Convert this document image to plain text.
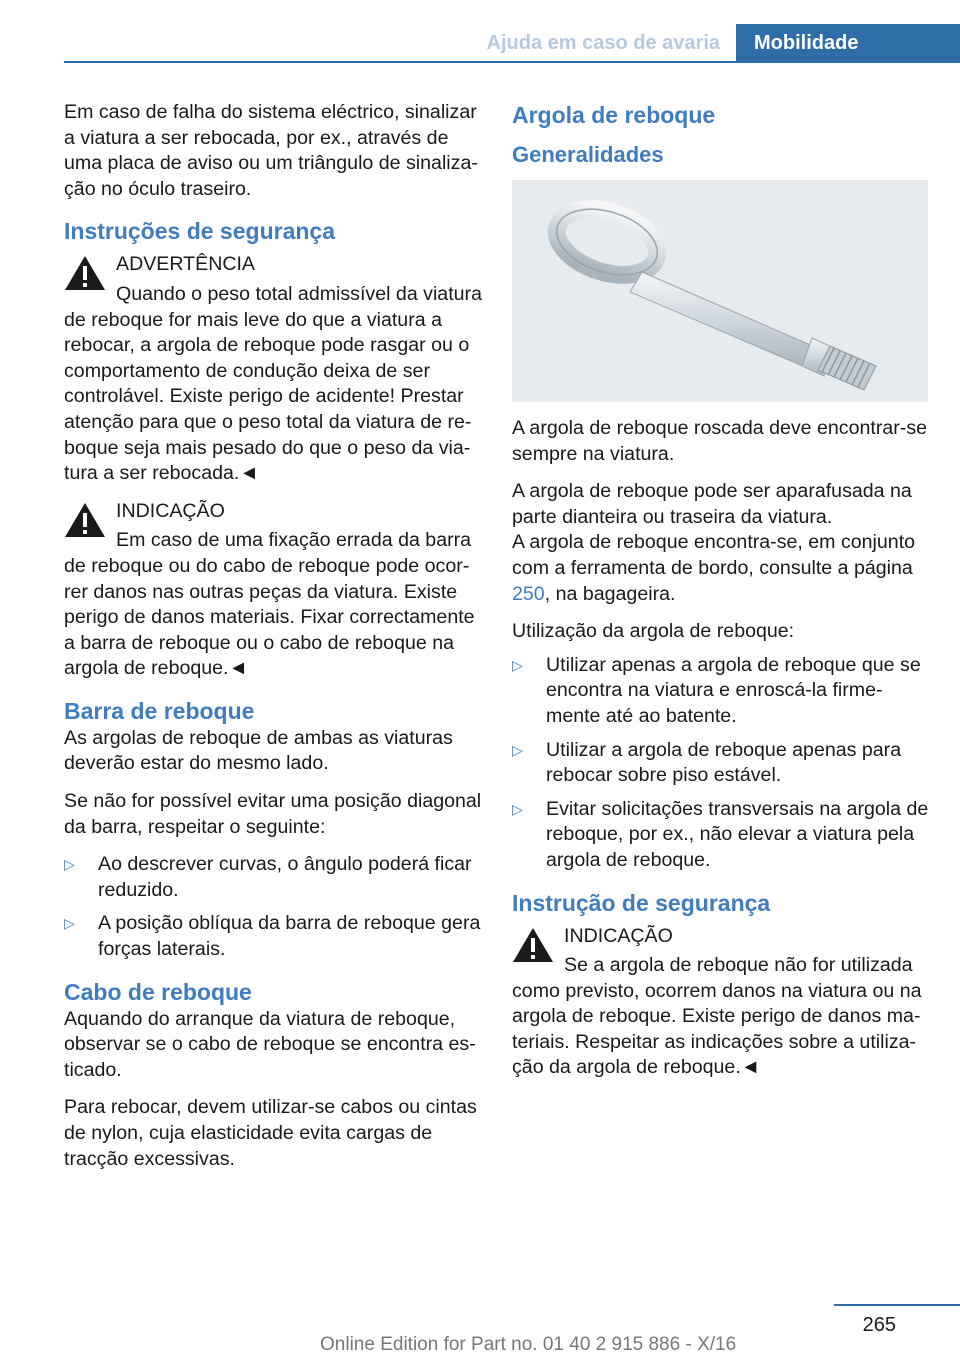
Ajuda em caso de avaria	Mobilidade

Em caso de falha do sistema eléctrico, sinalizar a viatura a ser rebocada, por ex., através de uma placa de aviso ou um triângulo de sinalização no óculo traseiro.

Instruções de segurança
ADVERTÊNCIA
Quando o peso total admissível da viatura de reboque for mais leve do que a viatura a rebocar, a argola de reboque pode rasgar ou o comportamento de condução deixa de ser controlável. Existe perigo de acidente! Prestar atenção para que o peso total da viatura de reboque seja mais pesado do que o peso da viatura a ser rebocada.◄
INDICAÇÃO
Em caso de uma fixação errada da barra de reboque ou do cabo de reboque pode ocorrer danos nas outras peças da viatura. Existe perigo de danos materiais. Fixar correctamente a barra de reboque ou o cabo de reboque na argola de reboque.◄
Barra de reboque

As argolas de reboque de ambas as viaturas deverão estar do mesmo lado.

Se não for possível evitar uma posição diagonal da barra, respeitar o seguinte:

▷ Ao descrever curvas, o ângulo poderá ficar reduzido.
▷ A posição oblíqua da barra de reboque gera forças laterais.
Cabo de reboque

Aquando do arranque da viatura de reboque, observar se o cabo de reboque se encontra esticado.

Para rebocar, devem utilizar-se cabos ou cintas de nylon, cuja elasticidade evita cargas de tracção excessivas.

Argola de reboque
Generalidades

A argola de reboque roscada deve encontrar-se sempre na viatura.

A argola de reboque pode ser aparafusada na parte dianteira ou traseira da viatura.

A argola de reboque encontra-se, em conjunto com a ferramenta de bordo, consulte a página 250, na bagageira.

Utilização da argola de reboque:

▷ Utilizar apenas a argola de reboque que se encontra na viatura e enroscá-la firmemente até ao batente.
▷ Utilizar a argola de reboque apenas para rebocar sobre piso estável.
▷ Evitar solicitações transversais na argola de reboque, por ex., não elevar a viatura pela argola de reboque.
Instrução de segurança
INDICAÇÃO
Se a argola de reboque não for utilizada como previsto, ocorrem danos na viatura ou na argola de reboque. Existe perigo de danos materiais. Respeitar as indicações sobre a utilização da argola de reboque.◄
265
Online Edition for Part no. 01 40 2 915 886 - X/16
